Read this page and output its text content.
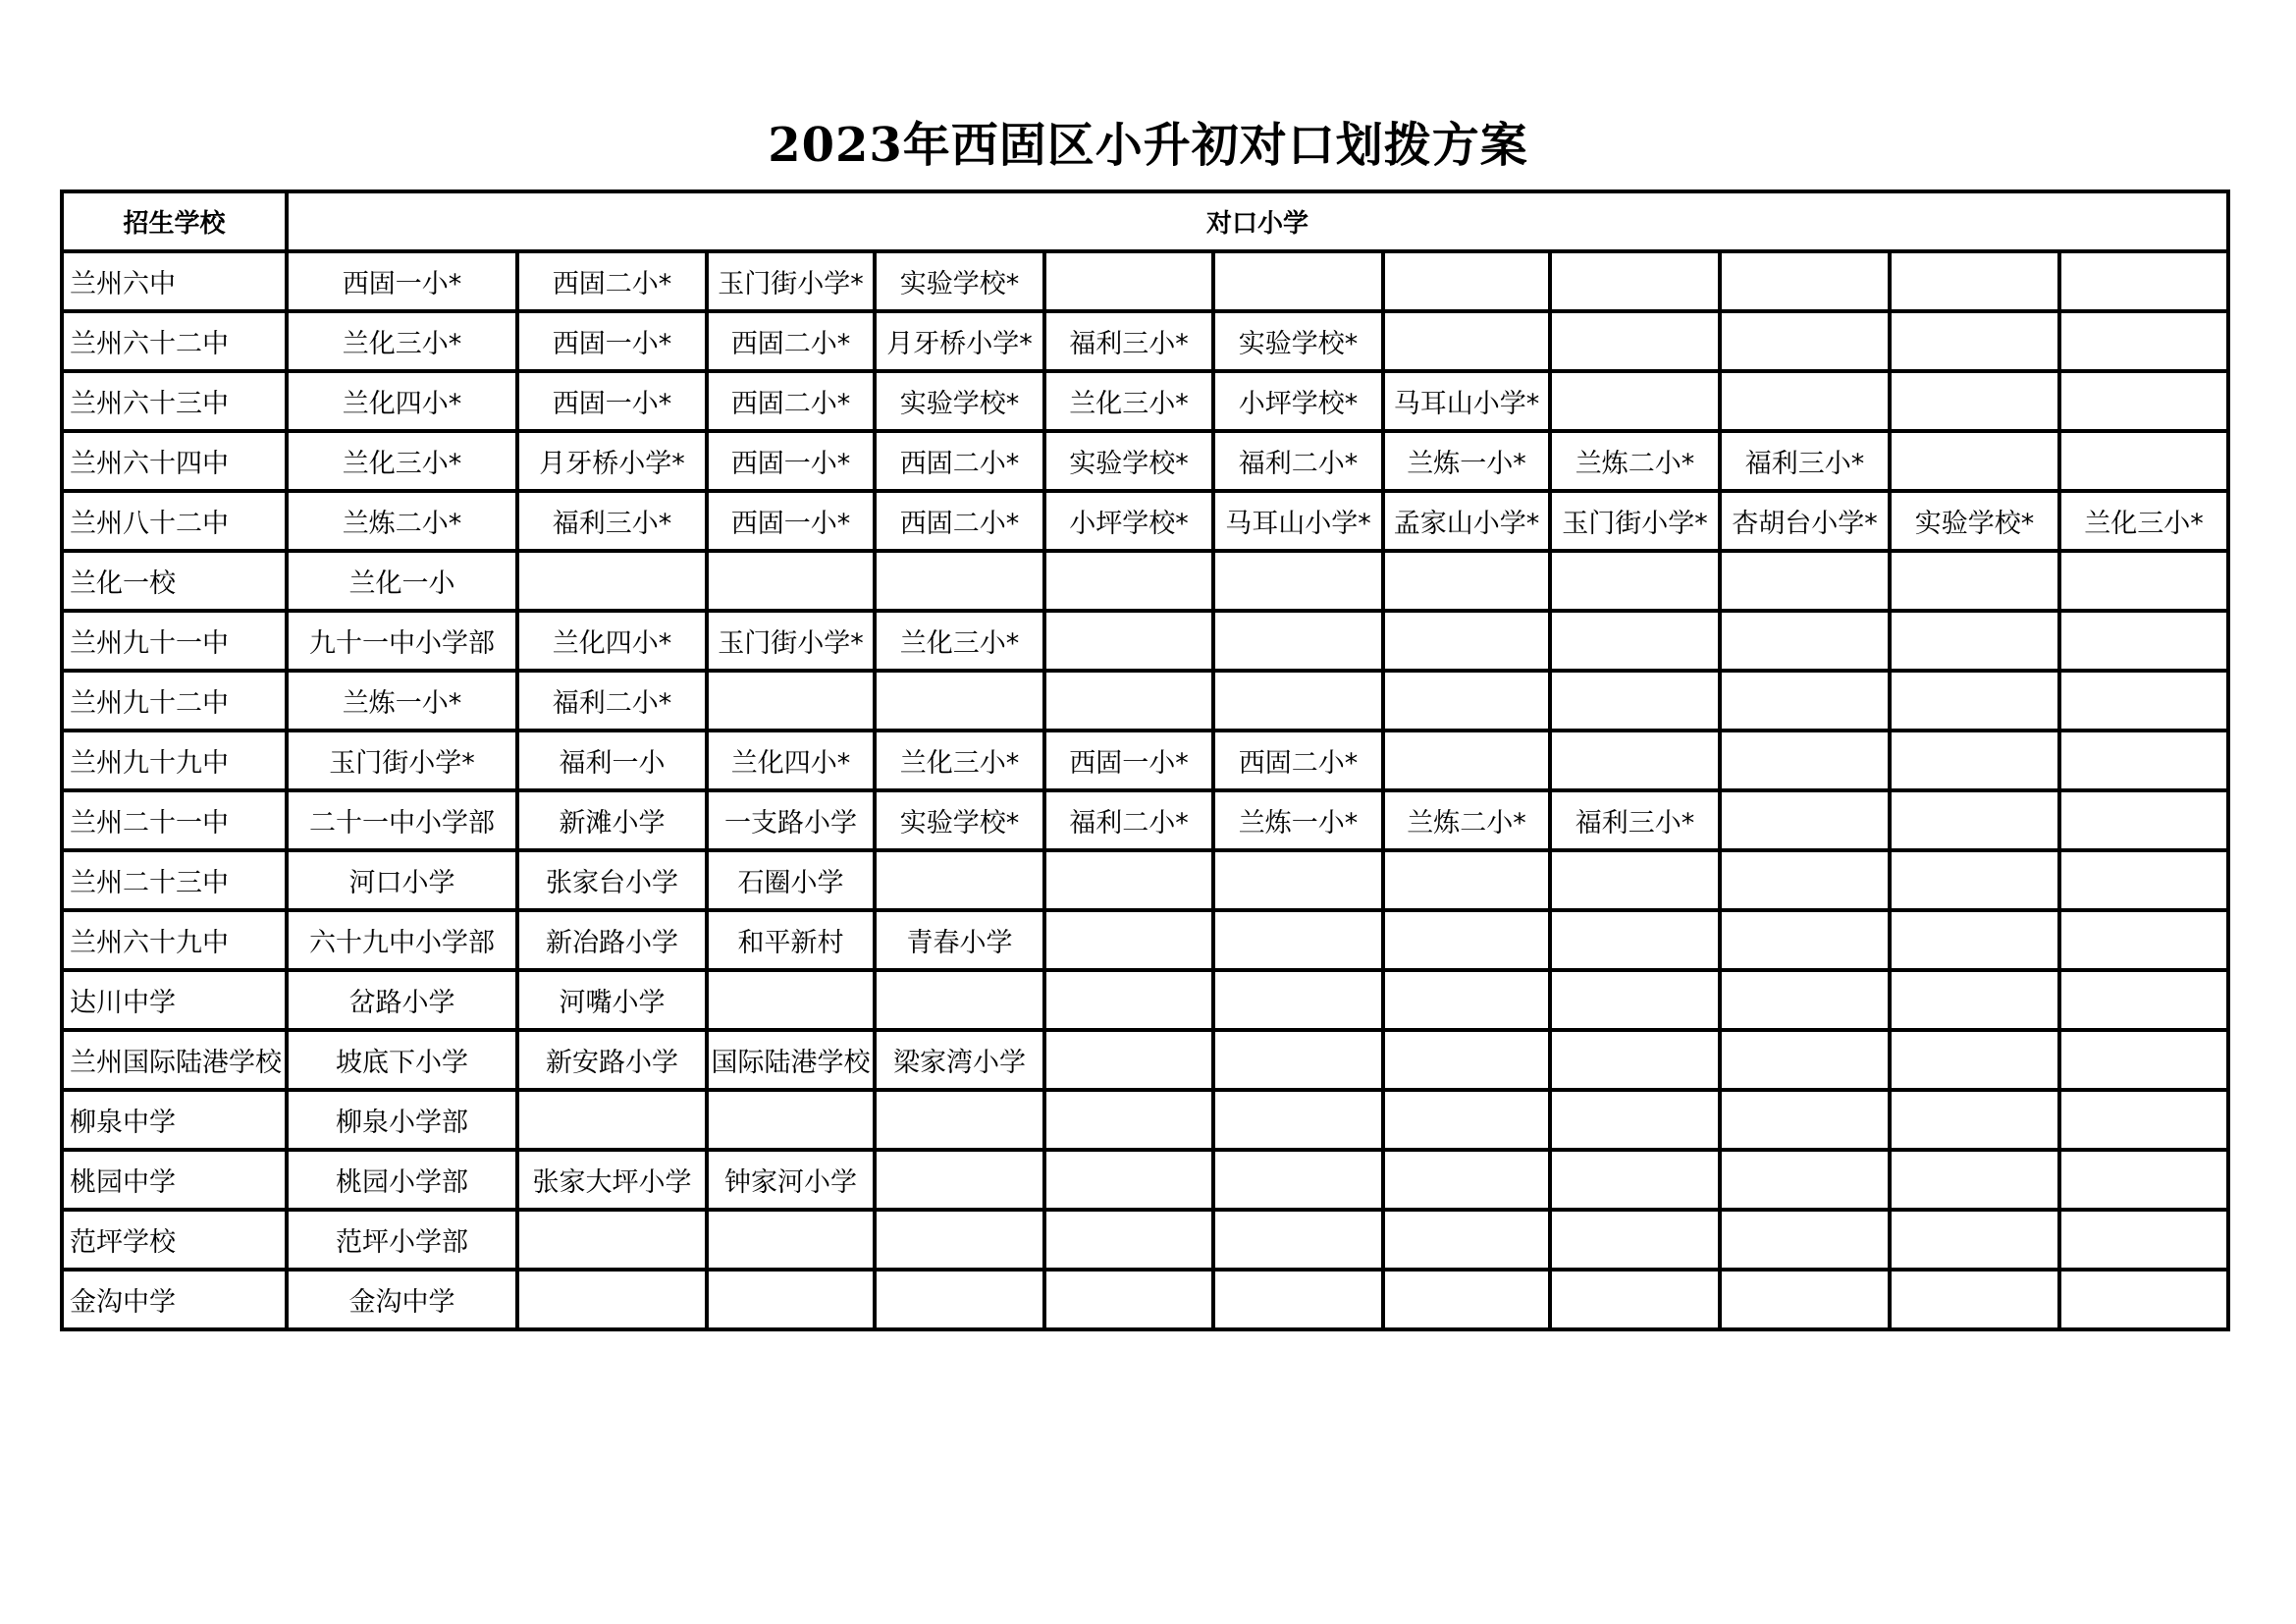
2023年西固区小升初对口划拨方案
招生学校	对口小学										
兰州六中	西固一小*	西固二小*	玉门街小学*	实验学校*							
兰州六十二中	兰化三小*	西固一小*	西固二小*	月牙桥小学*	福利三小*	实验学校*					
兰州六十三中	兰化四小*	西固一小*	西固二小*	实验学校*	兰化三小*	小坪学校*	马耳山小学*				
兰州六十四中	兰化三小*	月牙桥小学*	西固一小*	西固二小*	实验学校*	福利二小*	兰炼一小*	兰炼二小*	福利三小*		
兰州八十二中	兰炼二小*	福利三小*	西固一小*	西固二小*	小坪学校*	马耳山小学*	孟家山小学*	玉门街小学*	杏胡台小学*	实验学校*	兰化三小*
兰化一校	兰化一小										
兰州九十一中	九十一中小学部	兰化四小*	玉门街小学*	兰化三小*							
兰州九十二中	兰炼一小*	福利二小*									
兰州九十九中	玉门街小学*	福利一小	兰化四小*	兰化三小*	西固一小*	西固二小*					
兰州二十一中	二十一中小学部	新滩小学	一支路小学	实验学校*	福利二小*	兰炼一小*	兰炼二小*	福利三小*			
兰州二十三中	河口小学	张家台小学	石圈小学								
兰州六十九中	六十九中小学部	新冶路小学	和平新村	青春小学							
达川中学	岔路小学	河嘴小学									
兰州国际陆港学校	坡底下小学	新安路小学	国际陆港学校	梁家湾小学							
柳泉中学	柳泉小学部										
桃园中学	桃园小学部	张家大坪小学	钟家河小学								
范坪学校	范坪小学部										
金沟中学	金沟中学										
